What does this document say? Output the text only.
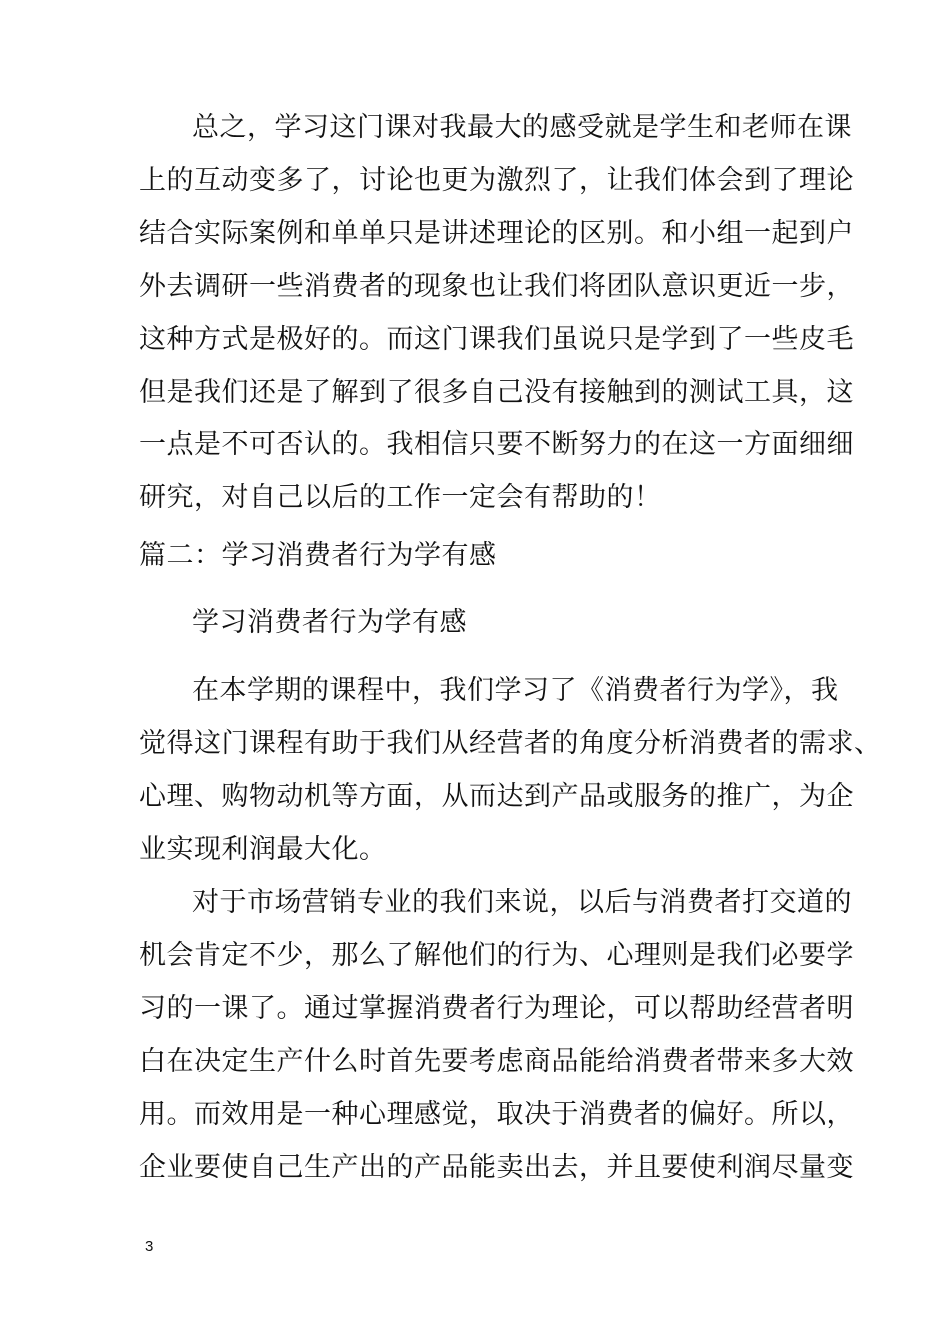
总之，学习这门课对我最大的感受就是学生和老师在课
上的互动变多了，讨论也更为激烈了，让我们体会到了理论
结合实际案例和单单只是讲述理论的区别。和小组一起到户
外去调研一些消费者的现象也让我们将团队意识更近一步，
这种方式是极好的。而这门课我们虽说只是学到了一些皮毛
但是我们还是了解到了很多自己没有接触到的测试工具，这
一点是不可否认的。我相信只要不断努力的在这一方面细细
研究，对自己以后的工作一定会有帮助的！
篇二：学习消费者行为学有感
学习消费者行为学有感
在本学期的课程中，我们学习了《消费者行为学》，我
觉得这门课程有助于我们从经营者的角度分析消费者的需求、
心理、购物动机等方面，从而达到产品或服务的推广，为企
业实现利润最大化。
对于市场营销专业的我们来说，以后与消费者打交道的
机会肯定不少，那么了解他们的行为、心理则是我们必要学
习的一课了。通过掌握消费者行为理论，可以帮助经营者明
白在决定生产什么时首先要考虑商品能给消费者带来多大效
用。而效用是一种心理感觉，取决于消费者的偏好。所以，
企业要使自己生产出的产品能卖出去，并且要使利润尽量变
3
